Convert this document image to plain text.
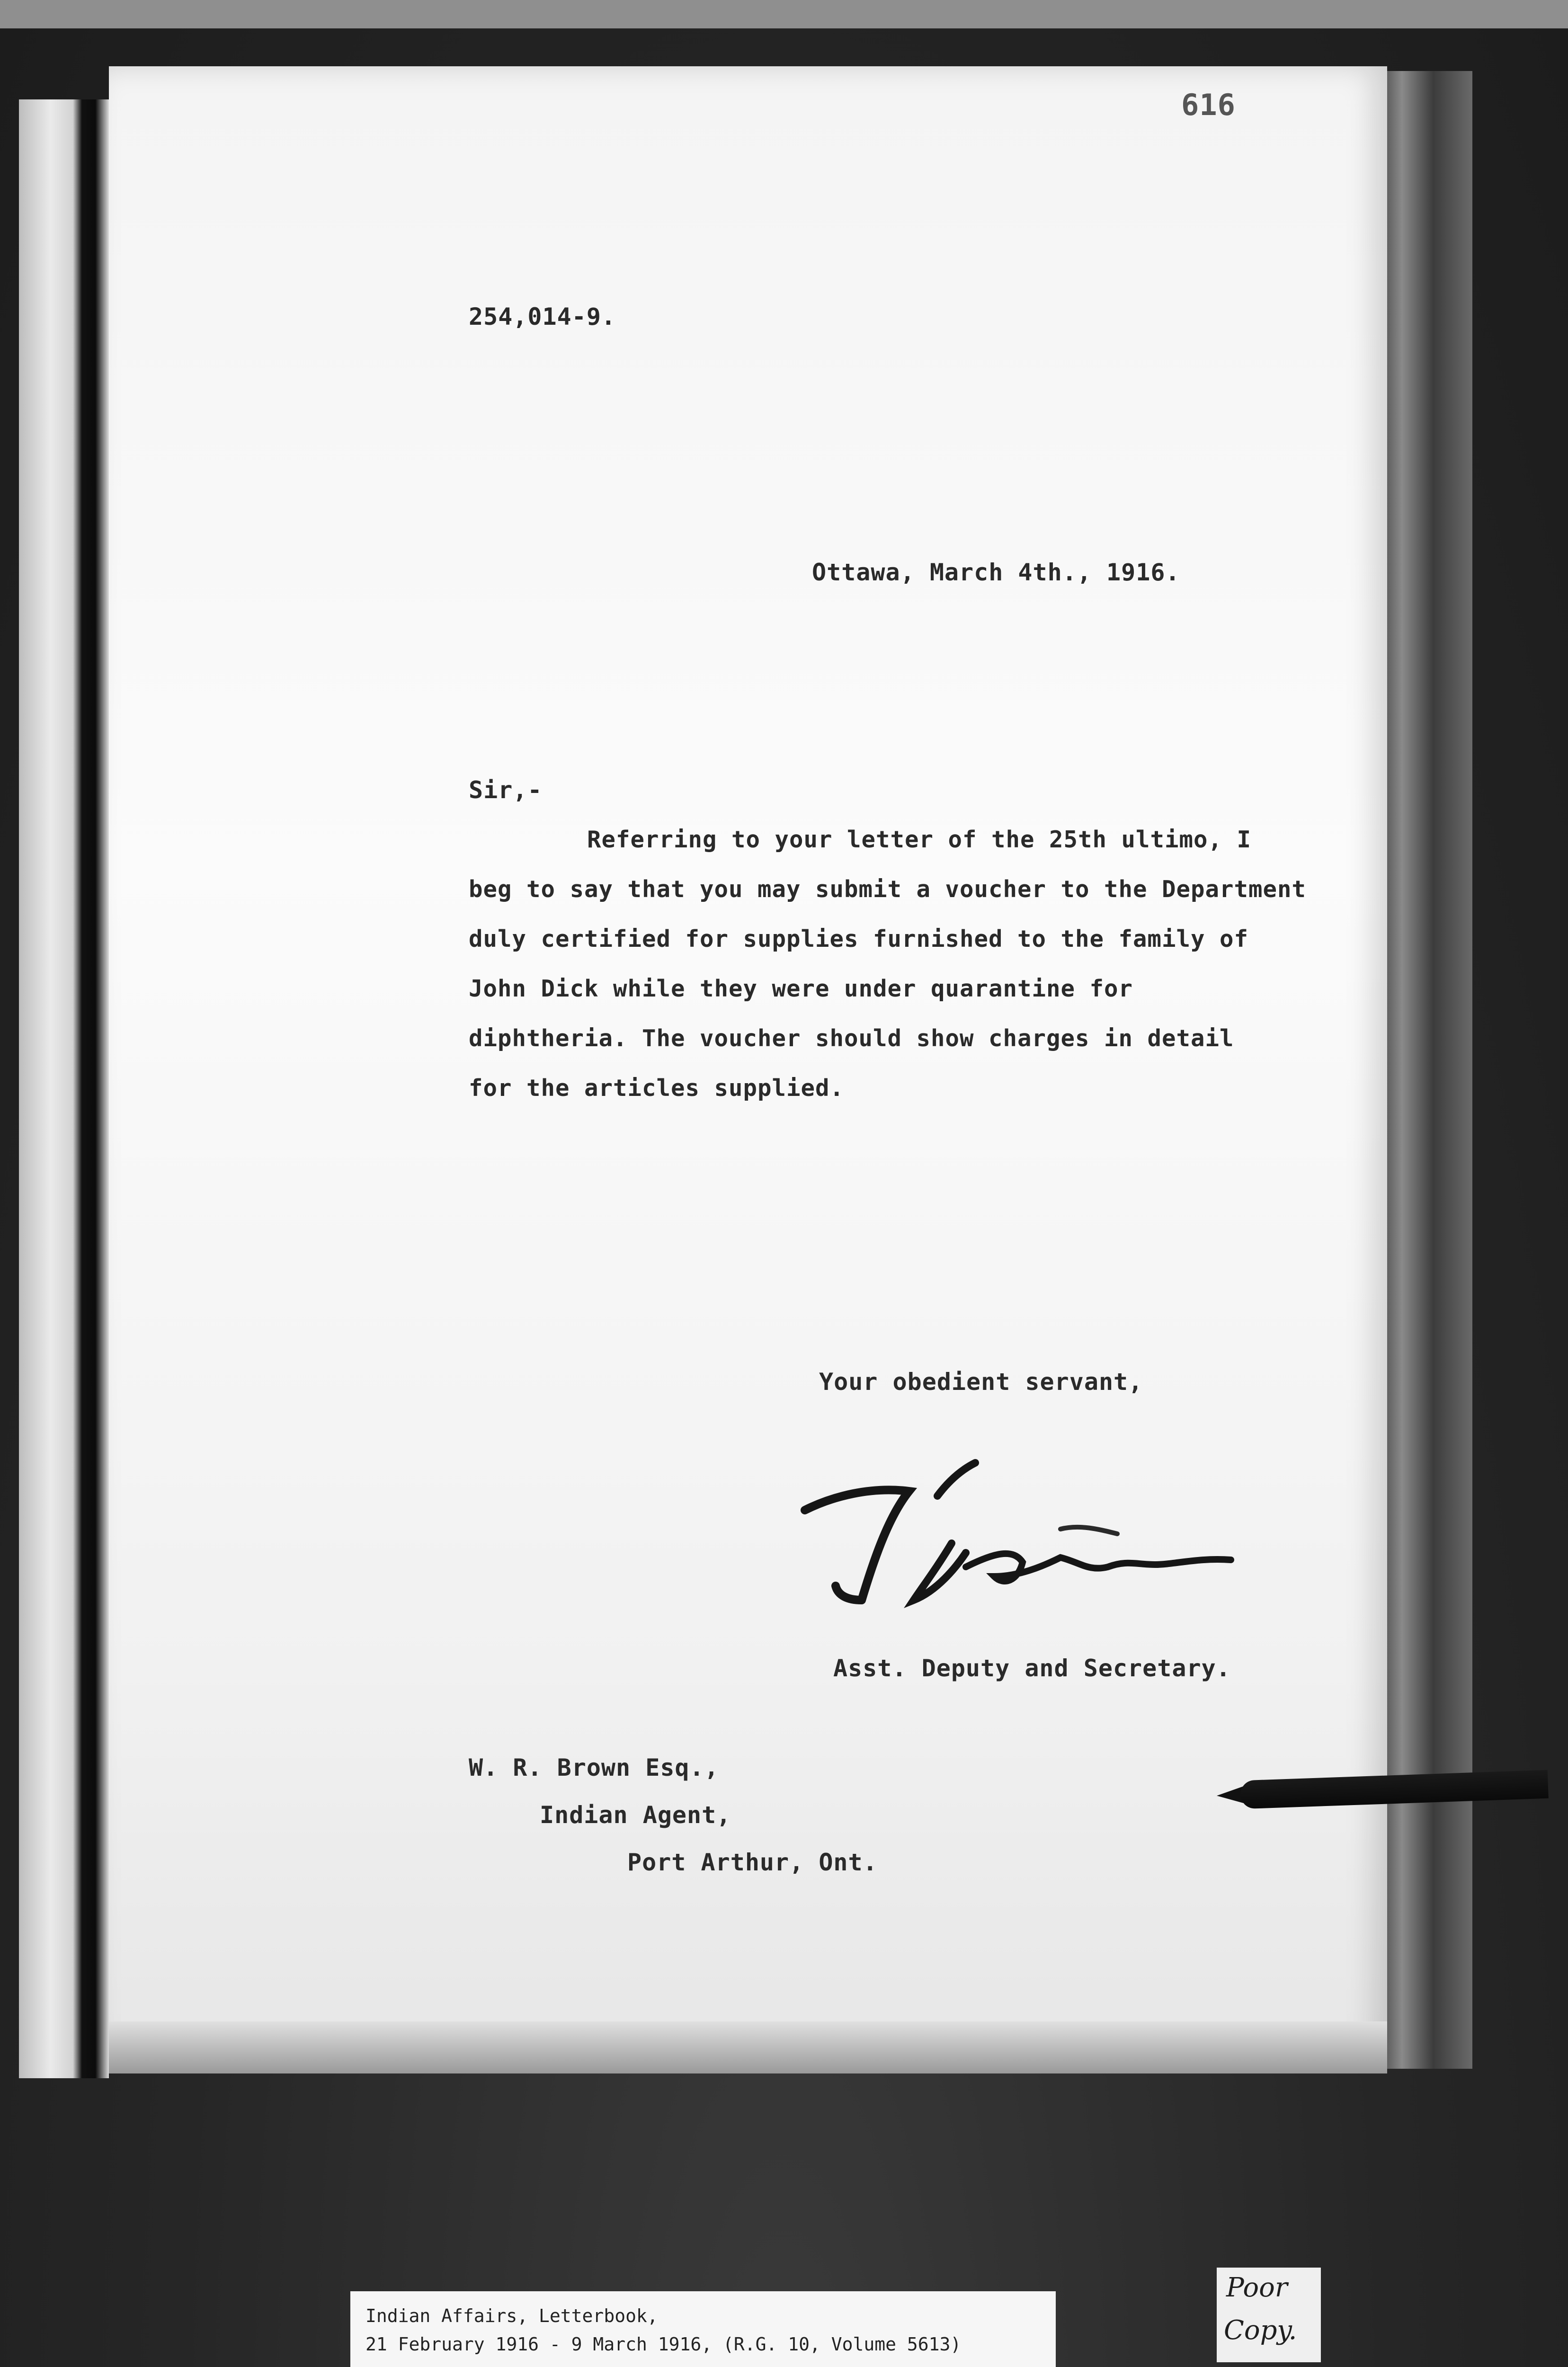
616
254,014-9.
Ottawa, March 4th., 1916.
Sir,-
Referring to your letter of the 25th ultimo, I
beg to say that you may submit a voucher to the Department
duly certified for supplies furnished to the family of
John Dick while they were under quarantine for
diphtheria. The voucher should show charges in detail
for the articles supplied.
Your obedient servant,
Asst. Deputy and Secretary.
W. R. Brown Esq.,
Indian Agent,
Port Arthur, Ont.
Indian Affairs, Letterbook,
21 February 1916 - 9 March 1916, (R.G. 10, Volume 5613)
Poor
Copy.
